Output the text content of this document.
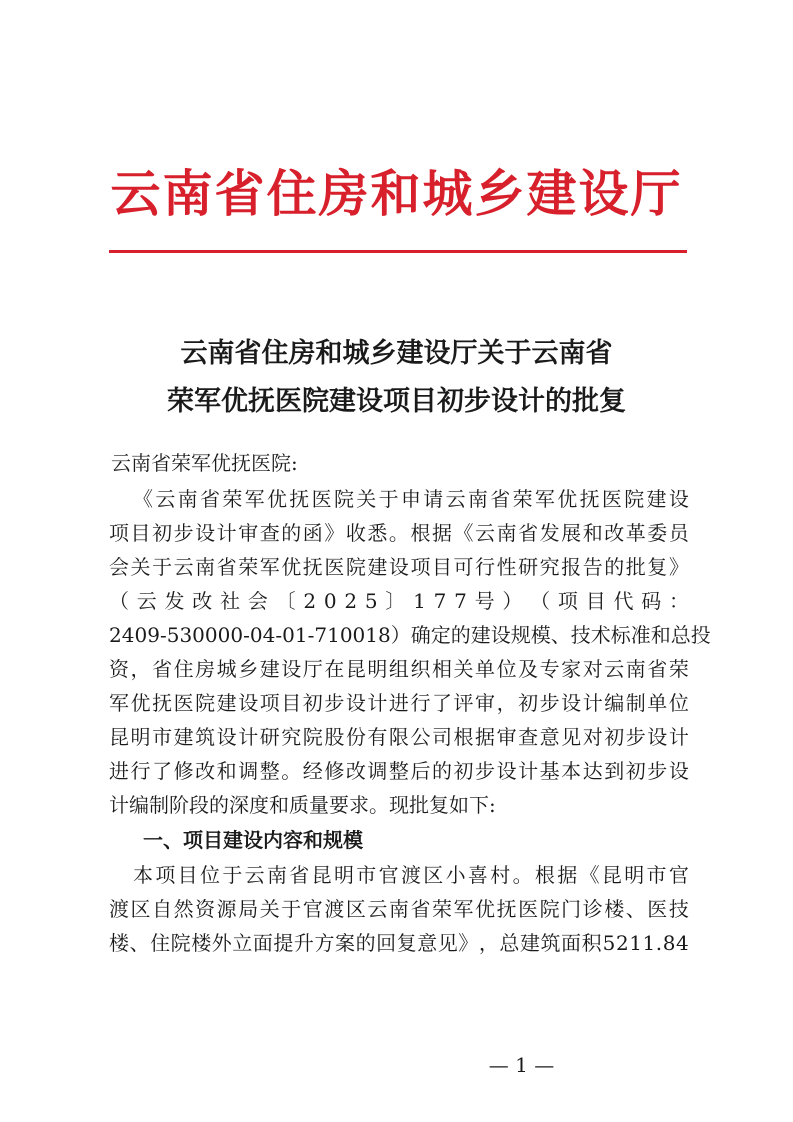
云南省住房和城乡建设厅
云南省住房和城乡建设厅关于云南省
荣军优抚医院建设项目初步设计的批复
云南省荣军优抚医院:
《 云 南 省 荣 军 优 抚 医 院 关 于 申 请 云 南 省 荣 军 优 抚 医 院 建 设
项 目 初 步 设 计 审 查 的 函 》 收 悉 。 根 据 《 云 南 省 发 展 和 改 革 委 员
会 关 于 云 南 省 荣 军 优 抚 医 院 建 设 项 目 可 行 性 研 究 报 告 的 批 复 》
（ 云 发 改 社 会 〔 2 0 2 5 〕 1 7 7 号 ） （ 项 目 代 码 ：
2 4 0 9 - 5 3 0 0 0 0 - 0 4 - 0 1 - 7 1 0 0 1 8 ） 确 定 的 建 设 规 模 、 技 术 标 准 和 总 投
资 ， 省 住 房 城 乡 建 设 厅 在 昆 明 组 织 相 关 单 位 及 专 家 对 云 南 省 荣
军 优 抚 医 院 建 设 项 目 初 步 设 计 进 行 了 评 审 ， 初 步 设 计 编 制 单 位
昆 明 市 建 筑 设 计 研 究 院 股 份 有 限 公 司 根 据 审 查 意 见 对 初 步 设 计
进 行 了 修 改 和 调 整 。 经 修 改 调 整 后 的 初 步 设 计 基 本 达 到 初 步 设
计编制阶段的深度和质量要求。现批复如下:
一、项目建设内容和规模
本 项 目 位 于 云 南 省 昆 明 市 官 渡 区 小 喜 村 。 根 据 《 昆 明 市 官
渡 区 自 然 资 源 局 关 于 官 渡 区 云 南 省 荣 军 优 抚 医 院 门 诊 楼 、 医 技
楼 、 住 院 楼 外 立 面 提 升 方 案 的 回 复 意 见 》 ， 总 建 筑 面 积 5 2 1 1 . 8 4
— 1 —
